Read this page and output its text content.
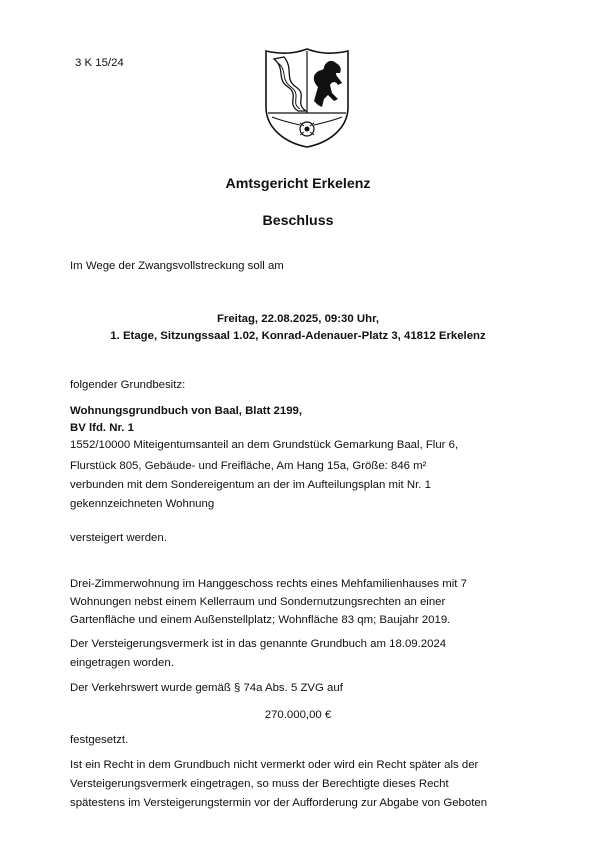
3 K 15/24
Amtsgericht Erkelenz
Beschluss
Im Wege der Zwangsvollstreckung soll am
Freitag, 22.08.2025, 09:30 Uhr,
1. Etage, Sitzungssaal 1.02, Konrad-Adenauer-Platz 3, 41812 Erkelenz
folgender Grundbesitz:
Wohnungsgrundbuch von Baal, Blatt 2199,
BV lfd. Nr. 1
1552/10000 Miteigentumsanteil an dem Grundstück Gemarkung Baal, Flur 6,
Flurstück 805, Gebäude- und Freifläche, Am Hang 15a, Größe: 846 m²
verbunden mit dem Sondereigentum an der im Aufteilungsplan mit Nr. 1
gekennzeichneten Wohnung
versteigert werden.
Drei-Zimmerwohnung im Hanggeschoss rechts eines Mehfamilienhauses mit 7
Wohnungen nebst einem Kellerraum und Sondernutzungsrechten an einer
Gartenfläche und einem Außenstellplatz; Wohnfläche 83 qm; Baujahr 2019.
Der Versteigerungsvermerk ist in das genannte Grundbuch am 18.09.2024
eingetragen worden.
Der Verkehrswert wurde gemäß § 74a Abs. 5 ZVG auf
270.000,00 €
festgesetzt.
Ist ein Recht in dem Grundbuch nicht vermerkt oder wird ein Recht später als der
Versteigerungsvermerk eingetragen, so muss der Berechtigte dieses Recht
spätestens im Versteigerungstermin vor der Aufforderung zur Abgabe von Geboten
